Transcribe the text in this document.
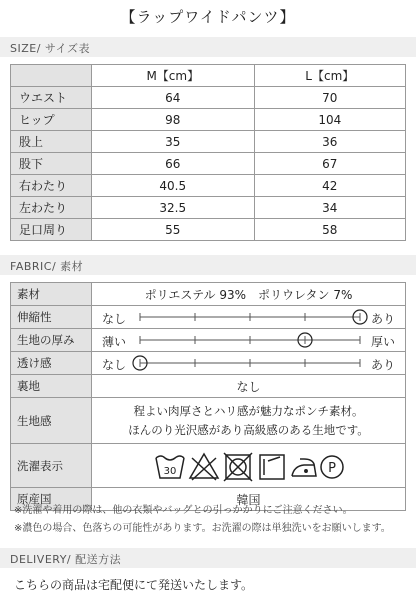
【ラップワイドパンツ】
SIZE/ サイズ表
	M【cm】	L【cm】
ウエスト	64	70
ヒップ	98	104
股上	35	36
股下	66	67
右わたり	40.5	42
左わたり	32.5	34
足口周り	55	58
FABRIC/ 素材
素材	ポリエステル 93%　ポリウレタン 7%
伸縮性	なし あり

生地の厚み	薄い 厚い

透け感	なし あり

裏地	なし
生地感	程よい肉厚さとハリ感が魅力なポンチ素材。
ほんのり光沢感があり高級感のある生地です。

洗濯表示	30 P

原産国	韓国
※洗濯や着用の際は、他の衣類やバッグとの引っかかりにご注意ください。
※濃色の場合、色落ちの可能性があります。お洗濯の際は単独洗いをお願いします。
DELIVERY/ 配送方法
こちらの商品は宅配便にて発送いたします。
